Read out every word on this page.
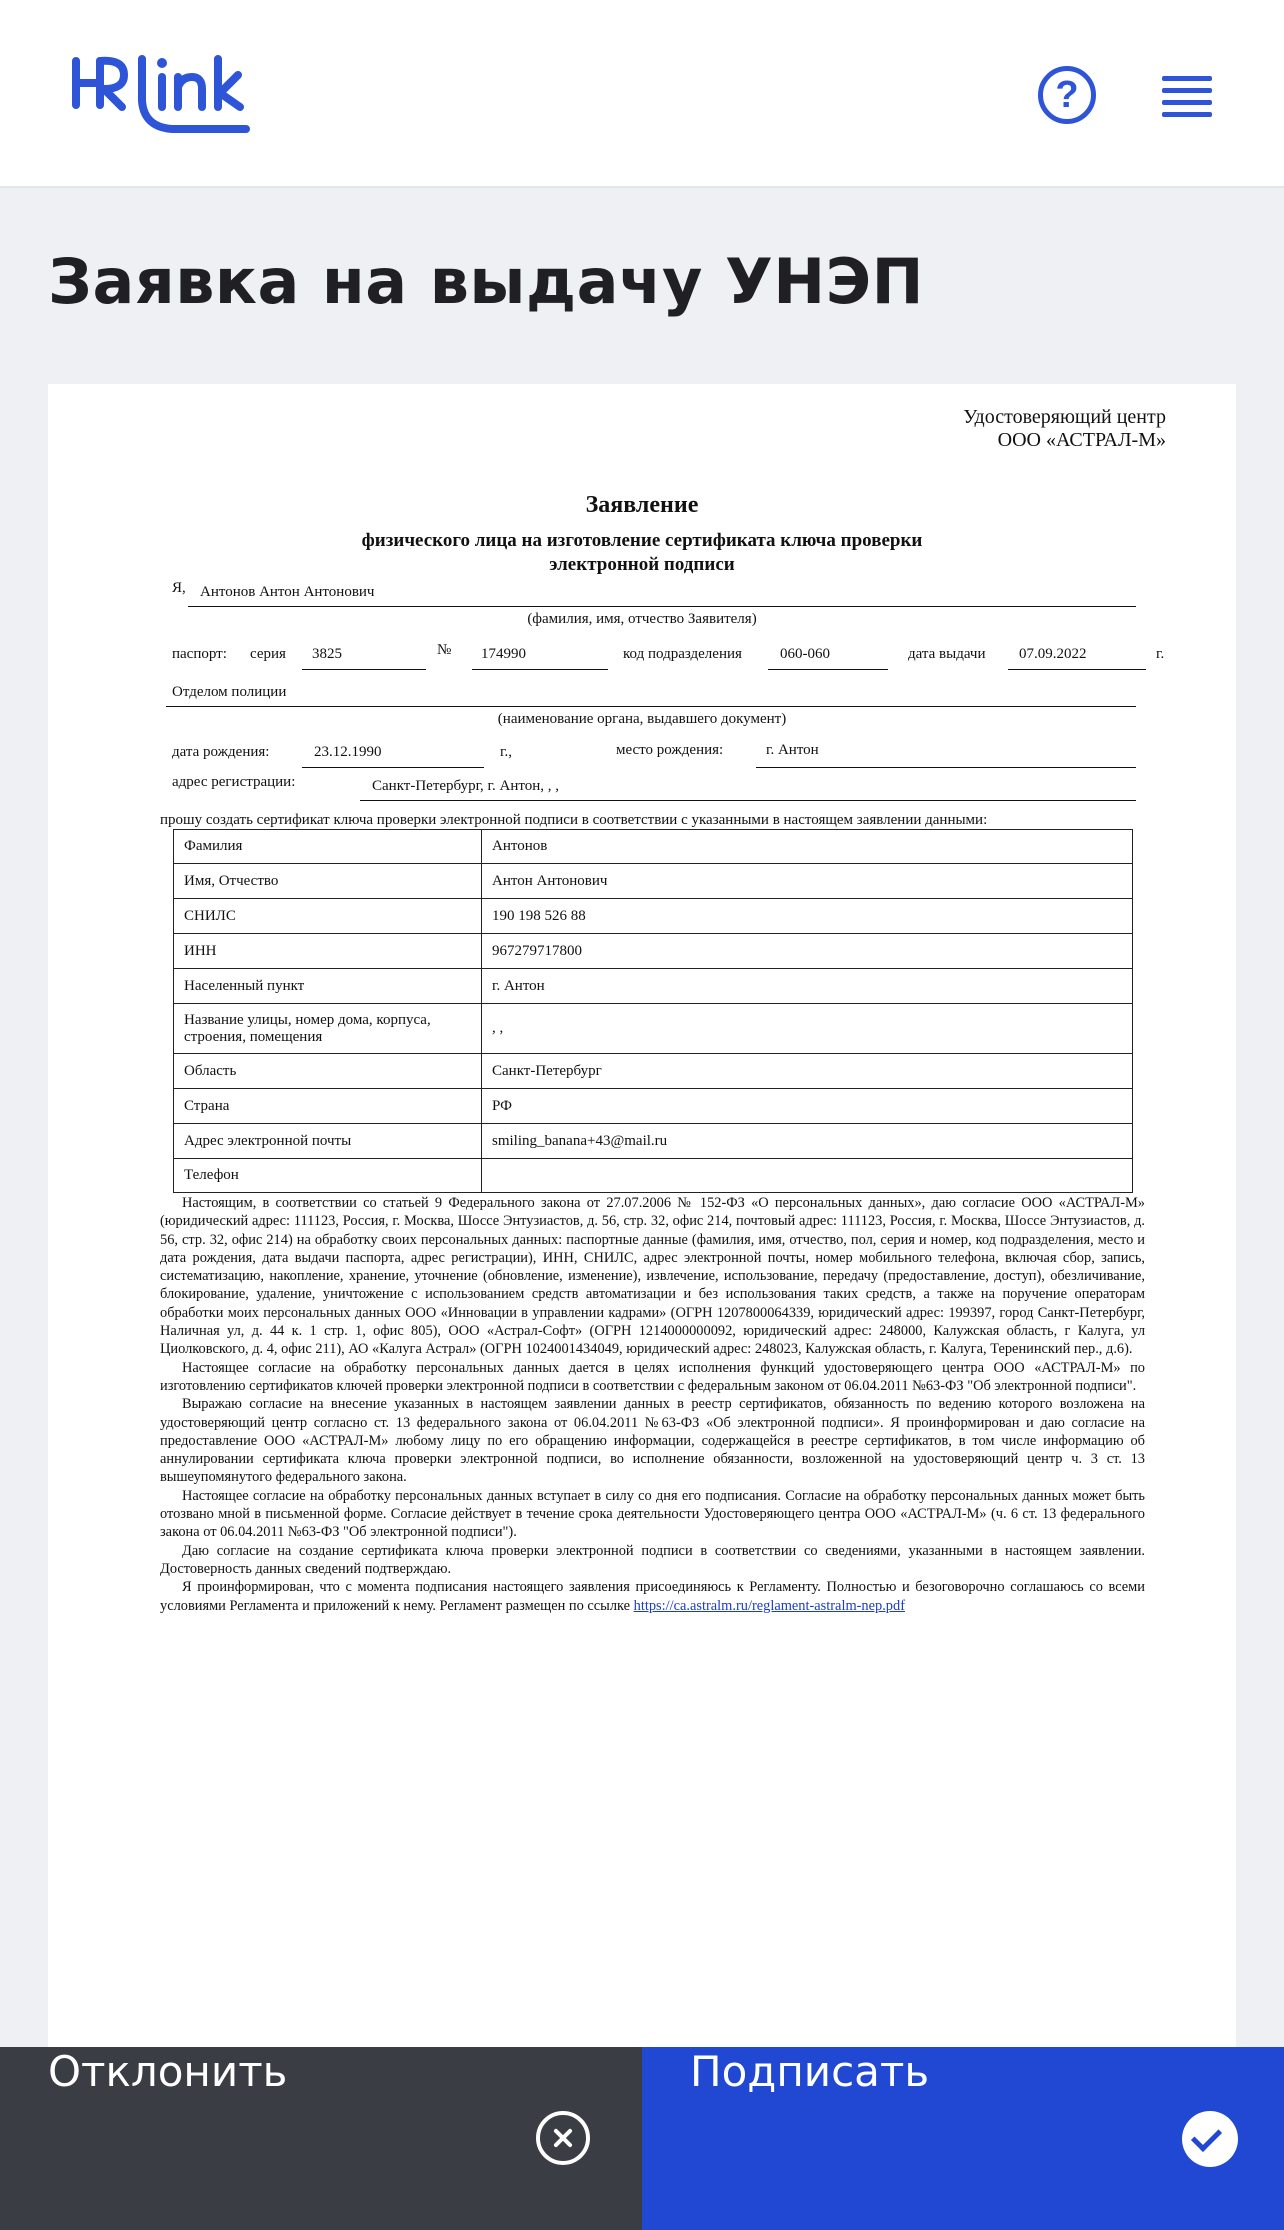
?
Заявка на выдачу УНЭП
Удостоверяющий центр
ООО «АСТРАЛ-М»
Заявление
физического лица на изготовление сертификата ключа проверки
электронной подписи
Я, Антонов Антон Антонович
(фамилия, имя, отчество Заявителя)
паспорт: серия 3825	№ 174990	код подразделения	060-060	дата выдачи 07.09.2022	г.
Отделом полиции
(наименование органа, выдавшего документ)
дата рождения:	23.12.1990	г.,	место рождения:	г. Антон
адрес регистрации:	Санкт-Петербург, г. Антон, , ,
прошу создать сертификат ключа проверки электронной подписи в соответствии с указанными в настоящем заявлении данными:
Фамилия	Антонов
Имя, Отчество	Антон Антонович
СНИЛС	190 198 526 88
ИНН	967279717800
Населенный пункт	г. Антон
Название улицы, номер дома, корпуса, строения, помещения	, ,
Область	Санкт-Петербург
Страна	РФ
Адрес электронной почты	smiling_banana+43@mail.ru
Телефон	

Настоящим, в соответствии со статьей 9 Федерального закона от 27.07.2006 № 152-ФЗ «О персональных данных», даю согласие ООО «АСТРАЛ-М» (юридический адрес: 111123, Россия, г. Москва, Шоссе Энтузиастов, д. 56, стр. 32, офис 214, почтовый адрес: 111123, Россия, г. Москва, Шоссе Энтузиастов, д. 56, стр. 32, офис 214) на обработку своих персональных данных: паспортные данные (фамилия, имя, отчество, пол, серия и номер, код подразделения, место и дата рождения, дата выдачи паспорта, адрес регистрации), ИНН, СНИЛС, адрес электронной почты, номер мобильного телефона, включая сбор, запись, систематизацию, накопление, хранение, уточнение (обновление, изменение), извлечение, использование, передачу (предоставление, доступ), обезличивание, блокирование, удаление, уничтожение с использованием средств автоматизации и без использования таких средств, а также на поручение операторам обработки моих персональных данных ООО «Инновации в управлении кадрами» (ОГРН 1207800064339, юридический адрес: 199397, город Санкт-Петербург, Наличная ул, д. 44 к. 1 стр. 1, офис 805), ООО «Астрал-Софт» (ОГРН 1214000000092, юридический адрес: 248000, Калужская область, г Калуга, ул Циолковского, д. 4, офис 211), АО «Калуга Астрал» (ОГРН 1024001434049, юридический адрес: 248023, Калужская область, г. Калуга, Теренинский пер., д.6).

Настоящее согласие на обработку персональных данных дается в целях исполнения функций удостоверяющего центра ООО «АСТРАЛ-М» по изготовлению сертификатов ключей проверки электронной подписи в соответствии с федеральным законом от 06.04.2011 №63-ФЗ "Об электронной подписи".

Выражаю согласие на внесение указанных в настоящем заявлении данных в реестр сертификатов, обязанность по ведению которого возложена на удостоверяющий центр согласно ст. 13 федерального закона от 06.04.2011 №63-ФЗ «Об электронной подписи». Я проинформирован и даю согласие на предоставление ООО «АСТРАЛ-М» любому лицу по его обращению информации, содержащейся в реестре сертификатов, в том числе информацию об аннулировании сертификата ключа проверки электронной подписи, во исполнение обязанности, возложенной на удостоверяющий центр ч. 3 ст. 13 вышеупомянутого федерального закона.

Настоящее согласие на обработку персональных данных вступает в силу со дня его подписания. Согласие на обработку персональных данных может быть отозвано мной в письменной форме. Согласие действует в течение срока деятельности Удостоверяющего центра ООО «АСТРАЛ-М» (ч. 6 ст. 13 федерального закона от 06.04.2011 №63-ФЗ "Об электронной подписи").

Даю согласие на создание сертификата ключа проверки электронной подписи в соответствии со сведениями, указанными в настоящем заявлении. Достоверность данных сведений подтверждаю.

Я проинформирован, что с момента подписания настоящего заявления присоединяюсь к Регламенту. Полностью и безоговорочно соглашаюсь со всеми условиями Регламента и приложений к нему. Регламент размещен по ссылке https://ca.astralm.ru/reglament-astralm-nep.pdf

Отклонить	Подписать
